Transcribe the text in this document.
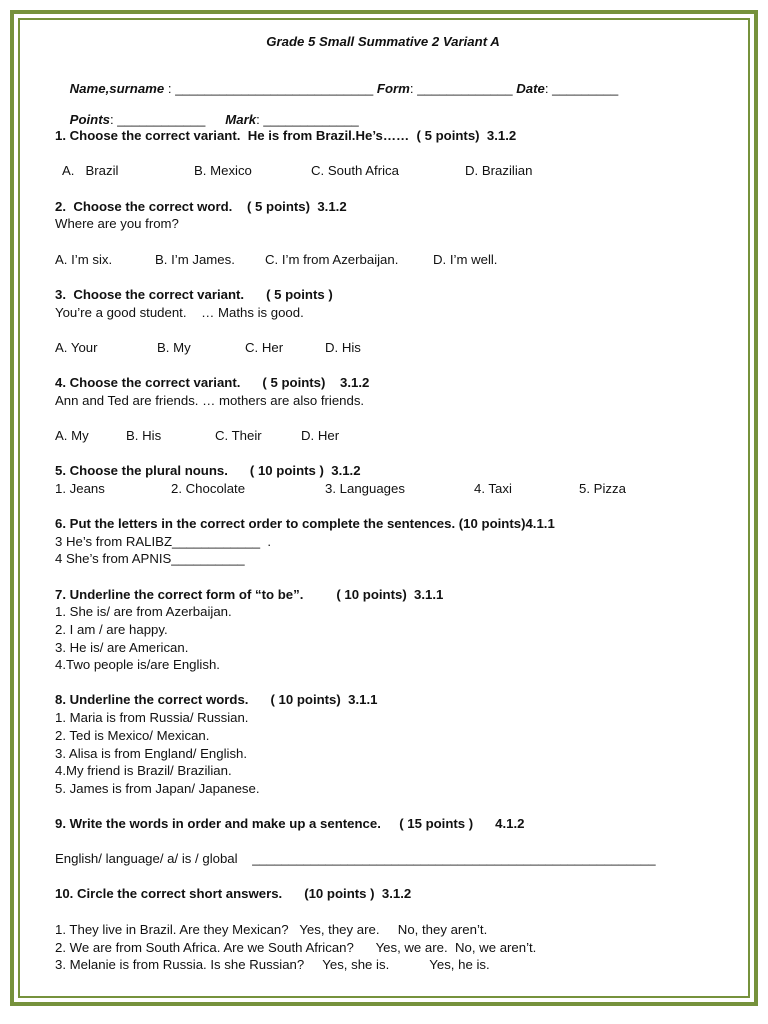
Grade 5 Small Summative 2 Variant A

Name,surname : ___________________________ Form: _____________ Date: _________

Points: ____________ Mark: _____________

1. Choose the correct variant.  He is from Brazil.He’s……  ( 5 points)  3.1.2
A.   Brazil	B. Mexico	C. South Africa	D. Brazilian
2.  Choose the correct word.    ( 5 points)  3.1.2
Where are you from?
A. I’m six.	B. I’m James. C. I’m from Azerbaijan.	D. I’m well.
3.  Choose the correct variant.      ( 5 points )
You’re a good student.    … Maths is good.
A. Your	B. My	C. Her	D. His
4. Choose the correct variant.      ( 5 points)    3.1.2
Ann and Ted are friends. … mothers are also friends.
A. My	B. His	C. Their	D. Her
5. Choose the plural nouns.      ( 10 points )  3.1.2
1. Jeans	2. Chocolate	3. Languages	4. Taxi	5. Pizza
6. Put the letters in the correct order to complete the sentences. (10 points)4.1.1
3 He’s from RALIBZ____________  .
4 She’s from APNIS__________
7. Underline the correct form of “to be”.         ( 10 points)  3.1.1
1. She is/ are from Azerbaijan.
2. I am / are happy.
3. He is/ are American.
4.Two people is/are English.
8. Underline the correct words.      ( 10 points)  3.1.1
1. Maria is from Russia/ Russian.
2. Ted is Mexico/ Mexican.
3. Alisa is from England/ English.
4.My friend is Brazil/ Brazilian.
5. James is from Japan/ Japanese.
9. Write the words in order and make up a sentence.     ( 15 points )      4.1.2
English/ language/ a/ is / global    _______________________________________________________
10. Circle the correct short answers.      (10 points )  3.1.2
1. They live in Brazil. Are they Mexican?   Yes, they are.     No, they aren’t.
2. We are from South Africa. Are we South African?      Yes, we are.  No, we aren’t.
3. Melanie is from Russia. Is she Russian?     Yes, she is.           Yes, he is.
